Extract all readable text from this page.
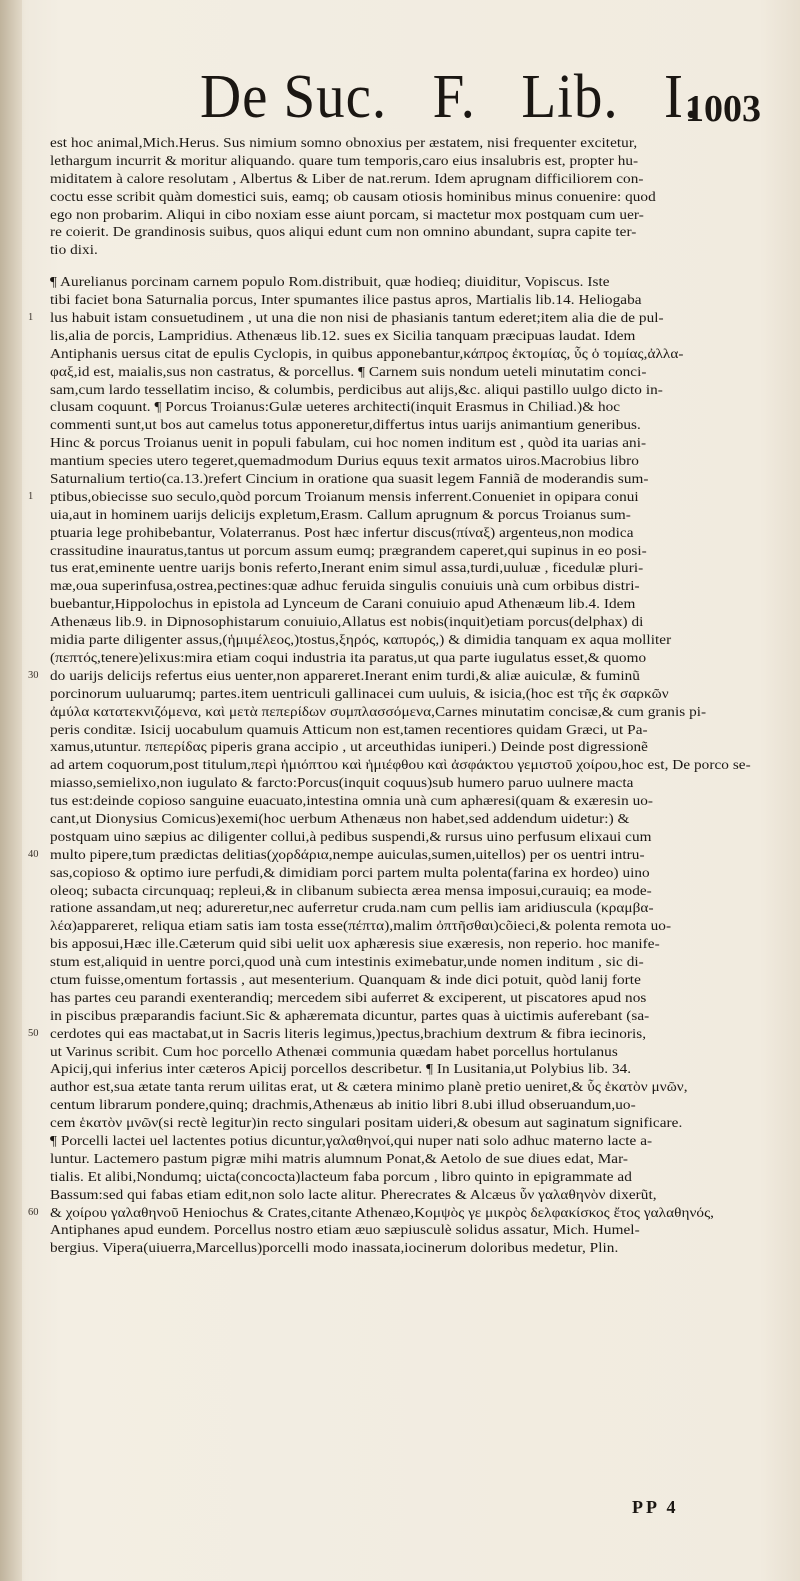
De Suc.   F.   Lib.   I.
1003
est hoc animal,Mich.Herus. Sus nimium somno obnoxius per æstatem, nisi frequenter excitetur,
lethargum incurrit & moritur aliquando. quare tum temporis,caro eius insalubris est, propter hu-
miditatem à calore resolutam , Albertus & Liber de nat.rerum. Idem aprugnam difficiliorem con-
coctu esse scribit quàm domestici suis, eamq; ob causam otiosis hominibus minus conuenire: quod
ego non probarim. Aliqui in cibo noxiam esse aiunt porcam, si mactetur mox postquam cum uer-
re coierit. De grandinosis suibus, quos aliqui edunt cum non omnino abundant, supra capite ter-
tio dixi.
¶ Aurelianus porcinam carnem populo Rom.distribuit, quæ hodieq; diuiditur, Vopiscus. Iste
tibi faciet bona Saturnalia porcus, Inter spumantes ilice pastus apros, Martialis lib.14. Heliogaba
1	lus habuit istam consuetudinem , ut una die non nisi de phasianis tantum ederet;item alia die de pul-
lis,alia de porcis, Lampridius. Athenæus lib.12. sues ex Sicilia tanquam præcipuas laudat. Idem
Antiphanis uersus citat de epulis Cyclopis, in quibus apponebantur,κάπρος ἐκτομίας, ὗς ὁ τομίας,ἀλλα-
φαξ,id est, maialis,sus non castratus, & porcellus. ¶ Carnem suis nondum ueteli minutatim conci-
sam,cum lardo tessellatim inciso, & columbis, perdicibus aut alijs,&c. aliqui pastillo uulgo dicto in-
clusam coquunt. ¶ Porcus Troianus:Gulæ ueteres architecti(inquit Erasmus in Chiliad.)& hoc
commenti sunt,ut bos aut camelus totus apponeretur,differtus intus uarijs animantium generibus.
Hinc & porcus Troianus uenit in populi fabulam, cui hoc nomen inditum est , quòd ita uarias ani-
mantium species utero tegeret,quemadmodum Durius equus texit armatos uiros.Macrobius libro
Saturnalium tertio(ca.13.)refert Cincium in oratione qua suasit legem Fanniã de moderandis sum-
1	ptibus,obiecisse suo seculo,quòd porcum Troianum mensis inferrent.Conueniet in opipara conui
uia,aut in hominem uarijs delicijs expletum,Erasm. Callum aprugnum & porcus Troianus sum-
ptuaria lege prohibebantur, Volaterranus. Post hæc infertur discus(πίναξ) argenteus,non modica
crassitudine inauratus,tantus ut porcum assum eumq; prægrandem caperet,qui supinus in eo posi-
tus erat,eminente uentre uarijs bonis referto,Inerant enim simul assa,turdi,uuluæ , ficedulæ pluri-
mæ,oua superinfusa,ostrea,pectines:quæ adhuc feruida singulis conuiuis unà cum orbibus distri-
buebantur,Hippolochus in epistola ad Lynceum de Carani conuiuio apud Athenæum lib.4. Idem
Athenæus lib.9. in Dipnosophistarum conuiuio,Allatus est nobis(inquit)etiam porcus(delphax) di
midia parte diligenter assus,(ἡμιμέλεος,)tostus,ξηρός, καπυρός,) & dimidia tanquam ex aqua molliter
(πεπτός,tenere)elixus:mira etiam coqui industria ita paratus,ut qua parte iugulatus esset,& quomo
30 do uarijs delicijs refertus eius uenter,non appareret.Inerant enim turdi,& aliæ auiculæ, & fuminũ
porcinorum uuluarumq; partes.item uentriculi gallinacei cum uuluis, & isicia,(hoc est τῆς ἐκ σαρκῶν
ἀμύλα κατατεκνιζόμενα, καὶ μετὰ πεπερίδων συμπλασσόμενα,Carnes minutatim concisæ,& cum granis pi-
peris conditæ. Isicij uocabulum quamuis Atticum non est,tamen recentiores quidam Græci, ut Pa-
xamus,utuntur. πεπερίδας piperis grana accipio , ut arceuthidas iuniperi.) Deinde post digressionẽ
ad artem coquorum,post titulum,περὶ ἡμιόπτου καὶ ἡμιέφθου καὶ ἀσφάκτου γεμιστοῦ χοίρου,hoc est, De porco se-
miasso,semielixo,non iugulato & farcto:Porcus(inquit coquus)sub humero paruo uulnere macta
tus est:deinde copioso sanguine euacuato,intestina omnia unà cum aphæresi(quam & exæresin uo-
cant,ut Dionysius Comicus)exemi(hoc uerbum Athenæus non habet,sed addendum uidetur:) &
postquam uino sæpius ac diligenter collui,à pedibus suspendi,& rursus uino perfusum elixaui cum
40 multo pipere,tum prædictas delitias(χορδάρια,nempe auiculas,sumen,uitellos) per os uentri intru-
sas,copioso & optimo iure perfudi,& dimidiam porci partem multa polenta(farina ex hordeo) uino
oleoq; subacta circunquaq; repleui,& in clibanum subiecta ærea mensa imposui,curauiq; ea mode-
ratione assandam,ut neq; adureretur,nec auferretur cruda.nam cum pellis iam aridiuscula (κραμβα-
λέα)appareret, reliqua etiam satis iam tosta esse(πέπτα),malim ὀπτῆσθαι)cõieci,& polenta remota uo-
bis apposui,Hæc ille.Cæterum quid sibi uelit uox aphæresis siue exæresis, non reperio. hoc manife-
stum est,aliquid in uentre porci,quod unà cum intestinis eximebatur,unde nomen inditum , sic di-
ctum fuisse,omentum fortassis , aut mesenterium. Quanquam & inde dici potuit, quòd lanij forte
has partes ceu parandi exenterandiq; mercedem sibi auferret & exciperent, ut piscatores apud nos
in piscibus præparandis faciunt.Sic & aphæremata dicuntur, partes quas à uictimis auferebant (sa-
50 cerdotes qui eas mactabat,ut in Sacris literis legimus,)pectus,brachium dextrum & fibra iecinoris,
ut Varinus scribit. Cum hoc porcello Athenæi communia quædam habet porcellus hortulanus
Apicij,qui inferius inter cæteros Apicij porcellos describetur. ¶ In Lusitania,ut Polybius lib. 34.
author est,sua ætate tanta rerum uilitas erat, ut & cætera minimo planè pretio ueniret,& ὗς ἑκατὸν μνῶν,
centum librarum pondere,quinq; drachmis,Athenæus ab initio libri 8.ubi illud obseruandum,uo-
cem ἑκατὸν μνῶν(si rectè legitur)in recto singulari positam uideri,& obesum aut saginatum significare.
¶ Porcelli lactei uel lactentes potius dicuntur,γαλαθηνοί,qui nuper nati solo adhuc materno lacte a-
luntur. Lactemero pastum pigræ mihi matris alumnum Ponat,& Aetolo de sue diues edat, Mar-
tialis. Et alibi,Nondumq; uicta(concocta)lacteum faba porcum , libro quinto in epigrammate ad
Bassum:sed qui fabas etiam edit,non solo lacte alitur. Pherecrates & Alcæus ὗν γαλαθηνὸν dixerũt,
60 & χοίρου γαλαθηνοῦ Heniochus & Crates,citante Athenæo,Κομψὸς γε μικρὸς δελφακίσκος ἔτος γαλαθηνός,
Antiphanes apud eundem. Porcellus nostro etiam æuo sæpiusculè solidus assatur, Mich. Humel-
bergius. Vipera(uiuerra,Marcellus)porcelli modo inassata,iocinerum doloribus medetur, Plin.
PP 4
